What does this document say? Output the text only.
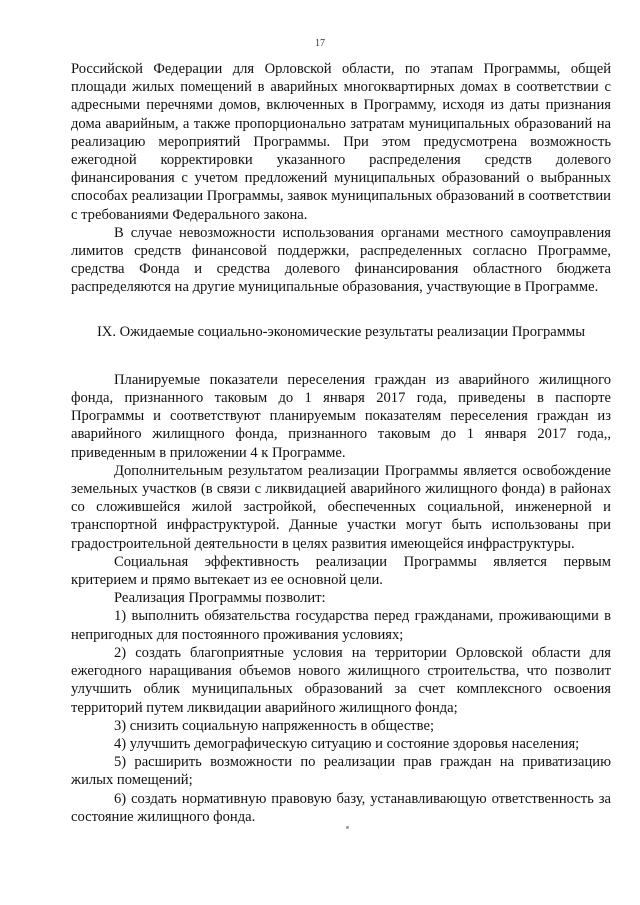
17

Российской Федерации для Орловской области, по этапам Программы, общей площади жилых помещений в аварийных многоквартирных домах в соответствии с адресными перечнями домов, включенных в Программу, исходя из даты признания дома аварийным, а также пропорционально затратам муниципальных образований на реализацию мероприятий Программы. При этом предусмотрена возможность ежегодной корректировки указанного распределения средств долевого финансирования с учетом предложений муниципальных образований о выбранных способах реализации Программы, заявок муниципальных образований в соответствии с требованиями Федерального закона.

В случае невозможности использования органами местного самоуправления лимитов средств финансовой поддержки, распределенных согласно Программе, средства Фонда и средства долевого финансирования областного бюджета распределяются на другие муниципальные образования, участвующие в Программе.

IX. Ожидаемые социально-экономические результаты реализации Программы

Планируемые показатели переселения граждан из аварийного жилищного фонда, признанного таковым до 1 января 2017 года, приведены в паспорте Программы и соответствуют планируемым показателям переселения граждан из аварийного жилищного фонда, признанного таковым до 1 января 2017 года,, приведенным в приложении 4 к Программе.

Дополнительным результатом реализации Программы является освобождение земельных участков (в связи с ликвидацией аварийного жилищного фонда) в районах со сложившейся жилой застройкой, обеспеченных социальной, инженерной и транспортной инфраструктурой. Данные участки могут быть использованы при градостроительной деятельности в целях развития имеющейся инфраструктуры.

Социальная эффективность реализации Программы является первым критерием и прямо вытекает из ее основной цели.

Реализация Программы позволит:

1) выполнить обязательства государства перед гражданами, проживающими в непригодных для постоянного проживания условиях;

2) создать благоприятные условия на территории Орловской области для ежегодного наращивания объемов нового жилищного строительства, что позволит улучшить облик муниципальных образований за счет комплексного освоения территорий путем ликвидации аварийного жилищного фонда;

3) снизить социальную напряженность в обществе;

4) улучшить демографическую ситуацию и состояние здоровья населения;

5) расширить возможности по реализации прав граждан на приватизацию жилых помещений;

6) создать нормативную правовую базу, устанавливающую ответственность за состояние жилищного фонда.
